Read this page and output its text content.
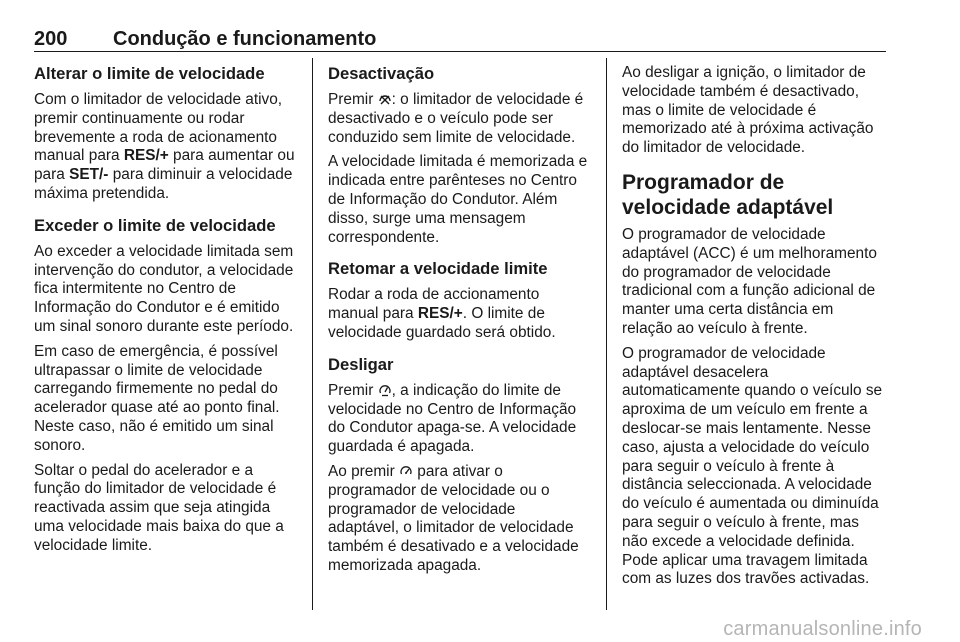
200 Condução e funcionamento
Alterar o limite de velocidade

Com o limitador de velocidade ativo, premir continuamente ou rodar brevemente a roda de acionamento manual para RES/+ para aumentar ou para SET/- para diminuir a velocidade máxima pretendida.

Exceder o limite de velocidade

Ao exceder a velocidade limitada sem intervenção do condutor, a velocidade fica intermitente no Centro de Informação do Condutor e é emitido um sinal sonoro durante este período.

Em caso de emergência, é possível ultrapassar o limite de velocidade carregando firmemente no pedal do acelerador quase até ao ponto final. Neste caso, não é emitido um sinal sonoro.

Soltar o pedal do acelerador e a função do limitador de velocidade é reactivada assim que seja atingida uma velocidade mais baixa do que a velocidade limite.

Desactivação

Premir : o limitador de velocidade é desactivado e o veículo pode ser conduzido sem limite de velocidade.

A velocidade limitada é memorizada e indicada entre parênteses no Centro de Informação do Condutor. Além disso, surge uma mensagem correspondente.

Retomar a velocidade limite

Rodar a roda de accionamento manual para RES/+. O limite de velocidade guardado será obtido.

Desligar

Premir , a indicação do limite de velocidade no Centro de Informação do Condutor apaga-se. A velocidade guardada é apagada.

Ao premir  para ativar o programador de velocidade ou o programador de velocidade adaptável, o limitador de velocidade também é desativado e a velocidade memorizada apagada.

Ao desligar a ignição, o limitador de velocidade também é desactivado, mas o limite de velocidade é memorizado até à próxima activação do limitador de velocidade.

Programador de velocidade adaptável

O programador de velocidade adaptável (ACC) é um melhoramento do programador de velocidade tradicional com a função adicional de manter uma certa distância em relação ao veículo à frente.

O programador de velocidade adaptável desacelera automaticamente quando o veículo se aproxima de um veículo em frente a deslocar-se mais lentamente. Nesse caso, ajusta a velocidade do veículo para seguir o veículo à frente à distância seleccionada. A velocidade do veículo é aumentada ou diminuída para seguir o veículo à frente, mas não excede a velocidade definida. Pode aplicar uma travagem limitada com as luzes dos travões activadas.

carmanualsonline.info
